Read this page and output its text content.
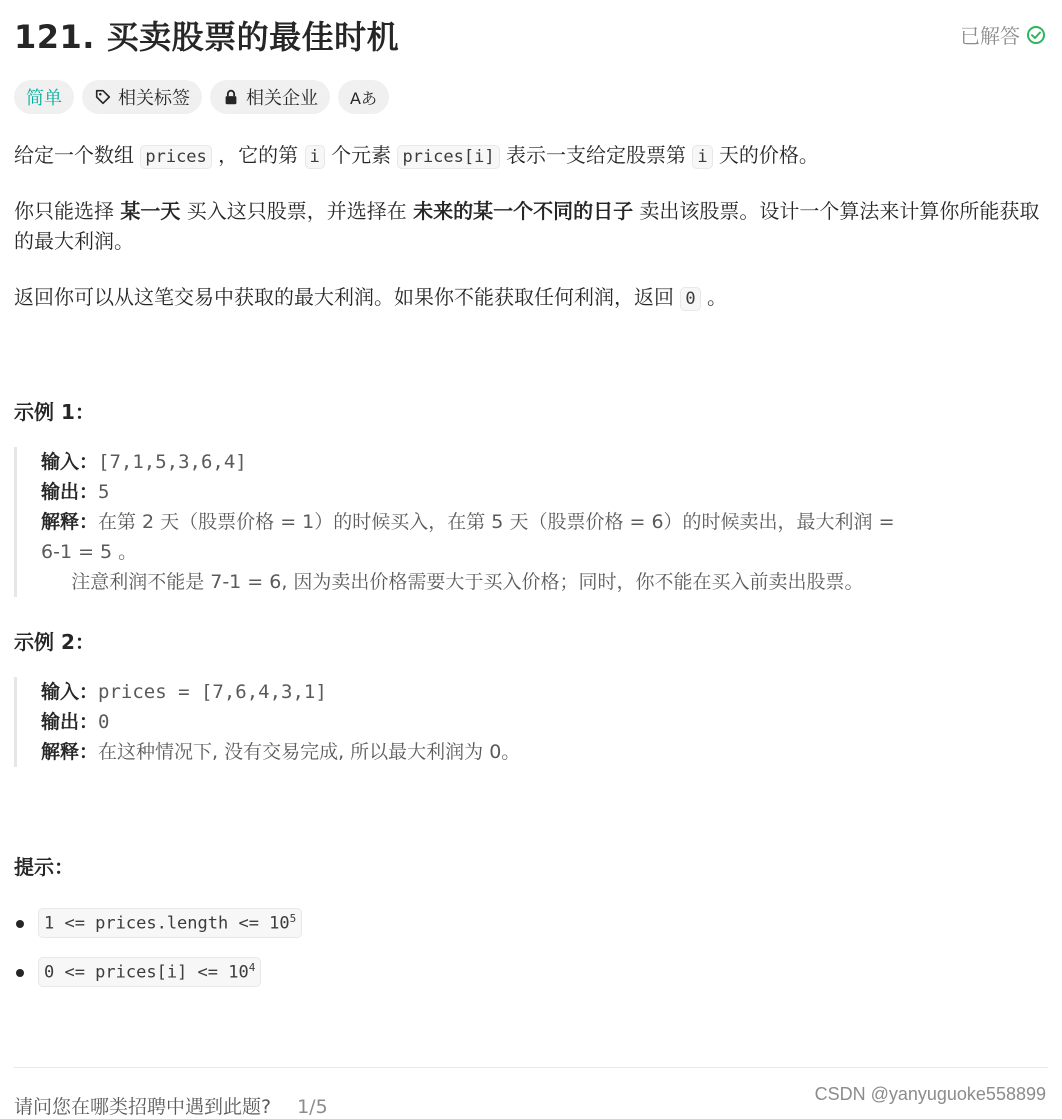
121. 买卖股票的最佳时机	已解答
简单	相关标签	相关企业 Aあ

给定一个数组 prices ，它的第 i 个元素 prices[i] 表示一支给定股票第 i 天的价格。

你只能选择 某一天 买入这只股票，并选择在 未来的某一个不同的日子 卖出该股票。设计一个算法来计算你所能获取的最大利润。

返回你可以从这笔交易中获取的最大利润。如果你不能获取任何利润，返回 0 。

示例 1：
输入：[7,1,5,3,6,4]
输出：5
解释：在第 2 天（股票价格 = 1）的时候买入，在第 5 天（股票价格 = 6）的时候卖出，最大利润 =
6-1 = 5 。
注意利润不能是 7-1 = 6, 因为卖出价格需要大于买入价格；同时，你不能在买入前卖出股票。
示例 2：
输入：prices = [7,6,4,3,1]
输出：0
解释：在这种情况下, 没有交易完成, 所以最大利润为 0。
提示：
1 <= prices.length <= $10^5$
0 <= prices[i] <= $10^4$
请问您在哪类招聘中遇到此题? 1/5
CSDN @yanyuguoke558899
